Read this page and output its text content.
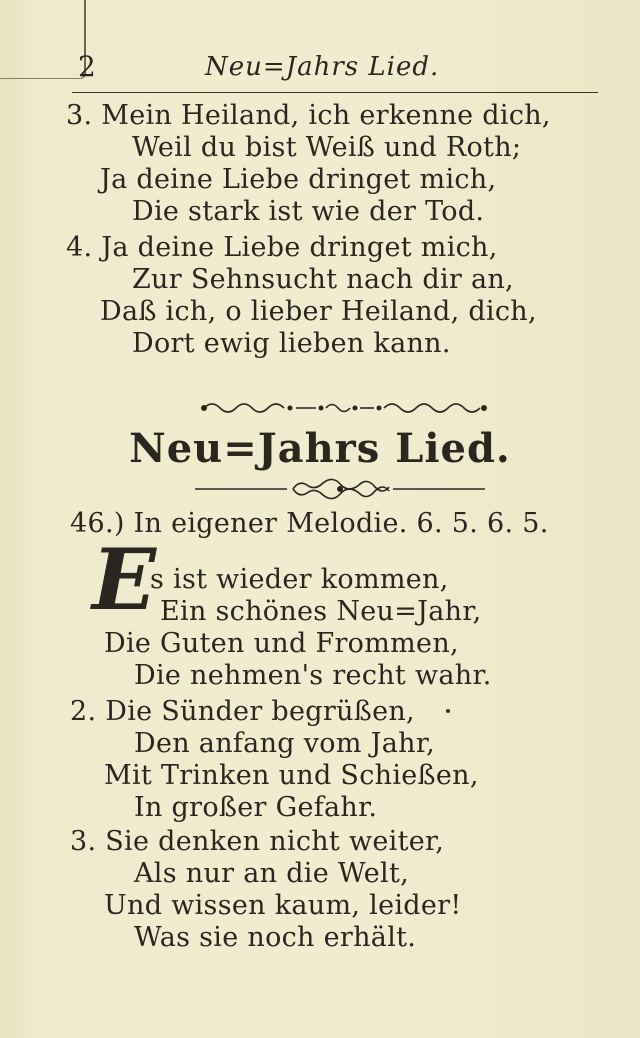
2	Neu=Jahrs Lied.

3. Mein Heiland, ich erkenne dich,

Weil du bist Weiß und Roth;

Ja deine Liebe dringet mich,

Die stark ist wie der Tod.

4. Ja deine Liebe dringet mich,

Zur Sehnsucht nach dir an,

Daß ich, o lieber Heiland, dich,

Dort ewig lieben kann.

Neu=Jahrs Lied.

46.) In eigener Melodie. 6. 5. 6. 5.

E

s ist wieder kommen,

Ein schönes Neu=Jahr,

Die Guten und Frommen,

Die nehmen's recht wahr.

2. Die Sünder begrüßen,

Den anfang vom Jahr,

Mit Trinken und Schießen,

In großer Gefahr.

3. Sie denken nicht weiter,

Als nur an die Welt,

Und wissen kaum, leider!

Was sie noch erhält.
